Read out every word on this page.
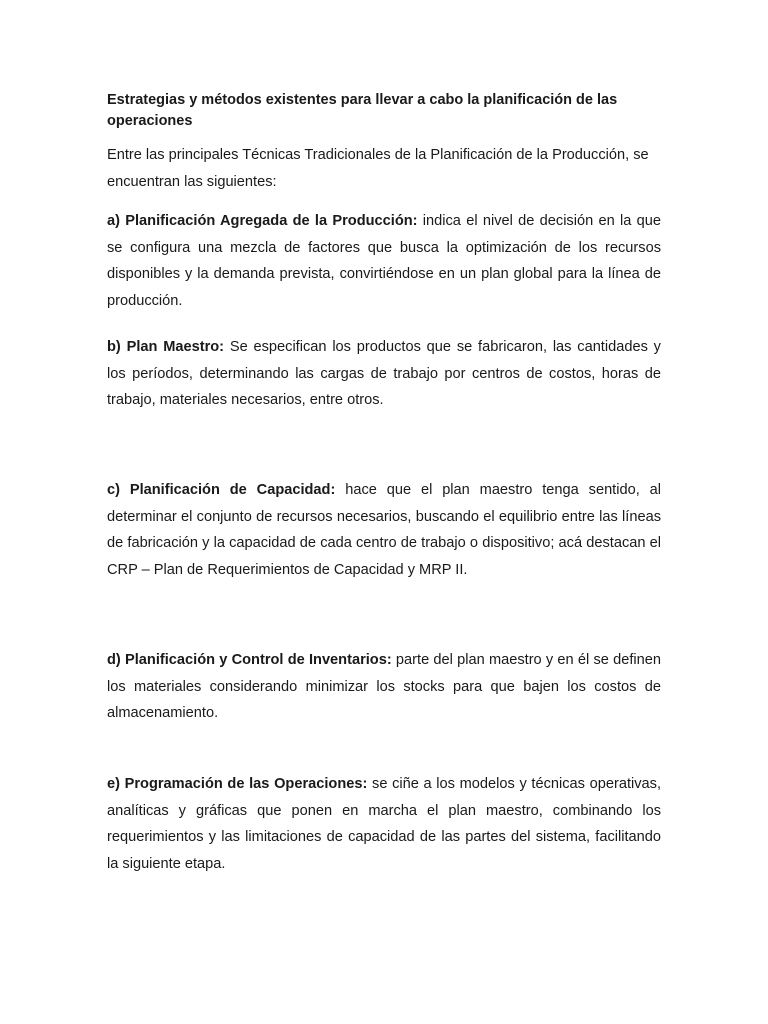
Estrategias y métodos existentes para llevar a cabo la planificación de las operaciones

Entre las principales Técnicas Tradicionales de la Planificación de la Producción, se encuentran las siguientes:

a) Planificación Agregada de la Producción: indica el nivel de decisión en la que se configura una mezcla de factores que busca la optimización de los recursos disponibles y la demanda prevista, convirtiéndose en un plan global para la línea de producción.

b) Plan Maestro: Se especifican los productos que se fabricaron, las cantidades y los períodos, determinando las cargas de trabajo por centros de costos, horas de trabajo, materiales necesarios, entre otros.

c) Planificación de Capacidad: hace que el plan maestro tenga sentido, al determinar el conjunto de recursos necesarios, buscando el equilibrio entre las líneas de fabricación y la capacidad de cada centro de trabajo o dispositivo; acá destacan el CRP – Plan de Requerimientos de Capacidad y MRP II.

d) Planificación y Control de Inventarios: parte del plan maestro y en él se definen los materiales considerando minimizar los stocks para que bajen los costos de almacenamiento.

e) Programación de las Operaciones: se ciñe a los modelos y técnicas operativas, analíticas y gráficas que ponen en marcha el plan maestro, combinando los requerimientos y las limitaciones de capacidad de las partes del sistema, facilitando la siguiente etapa.
